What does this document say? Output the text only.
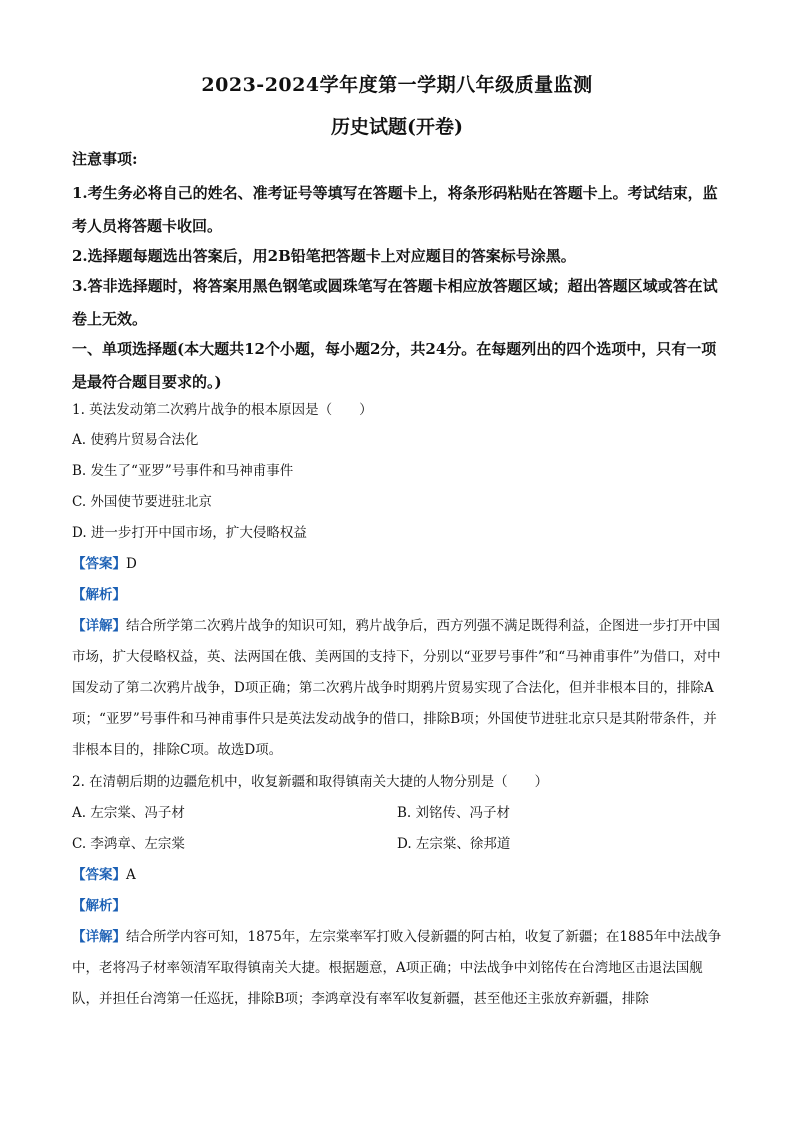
2023-2024学年度第一学期八年级质量监测
历史试题(开卷)

注意事项:

1.考生务必将自己的姓名、准考证号等填写在答题卡上，将条形码粘贴在答题卡上。考试结束，监考人员将答题卡收回。

2.选择题每题选出答案后，用2B铅笔把答题卡上对应题目的答案标号涂黑。

3.答非选择题时，将答案用黑色钢笔或圆珠笔写在答题卡相应放答题区域；超出答题区域或答在试卷上无效。

一、单项选择题(本大题共12个小题，每小题2分，共24分。在每题列出的四个选项中，只有一项是最符合题目要求的。)

1. 英法发动第二次鸦片战争的根本原因是（　　）

A. 使鸦片贸易合法化

B. 发生了“亚罗”号事件和马神甫事件

C. 外国使节要进驻北京

D. 进一步打开中国市场，扩大侵略权益

【答案】D

【解析】

【详解】结合所学第二次鸦片战争的知识可知，鸦片战争后，西方列强不满足既得利益，企图进一步打开中国市场，扩大侵略权益，英、法两国在俄、美两国的支持下，分别以“亚罗号事件”和“马神甫事件”为借口，对中国发动了第二次鸦片战争，D项正确；第二次鸦片战争时期鸦片贸易实现了合法化，但并非根本目的，排除A项；“亚罗”号事件和马神甫事件只是英法发动战争的借口，排除B项；外国使节进驻北京只是其附带条件，并非根本目的，排除C项。故选D项。

2. 在清朝后期的边疆危机中，收复新疆和取得镇南关大捷的人物分别是（　　）

A. 左宗棠、冯子材	B. 刘铭传、冯子材
C. 李鸿章、左宗棠	D. 左宗棠、徐邦道

【答案】A

【解析】

【详解】结合所学内容可知，1875年，左宗棠率军打败入侵新疆的阿古柏，收复了新疆；在1885年中法战争中，老将冯子材率领清军取得镇南关大捷。根据题意，A项正确；中法战争中刘铭传在台湾地区击退法国舰队，并担任台湾第一任巡抚，排除B项；李鸿章没有率军收复新疆，甚至他还主张放弃新疆，排除
